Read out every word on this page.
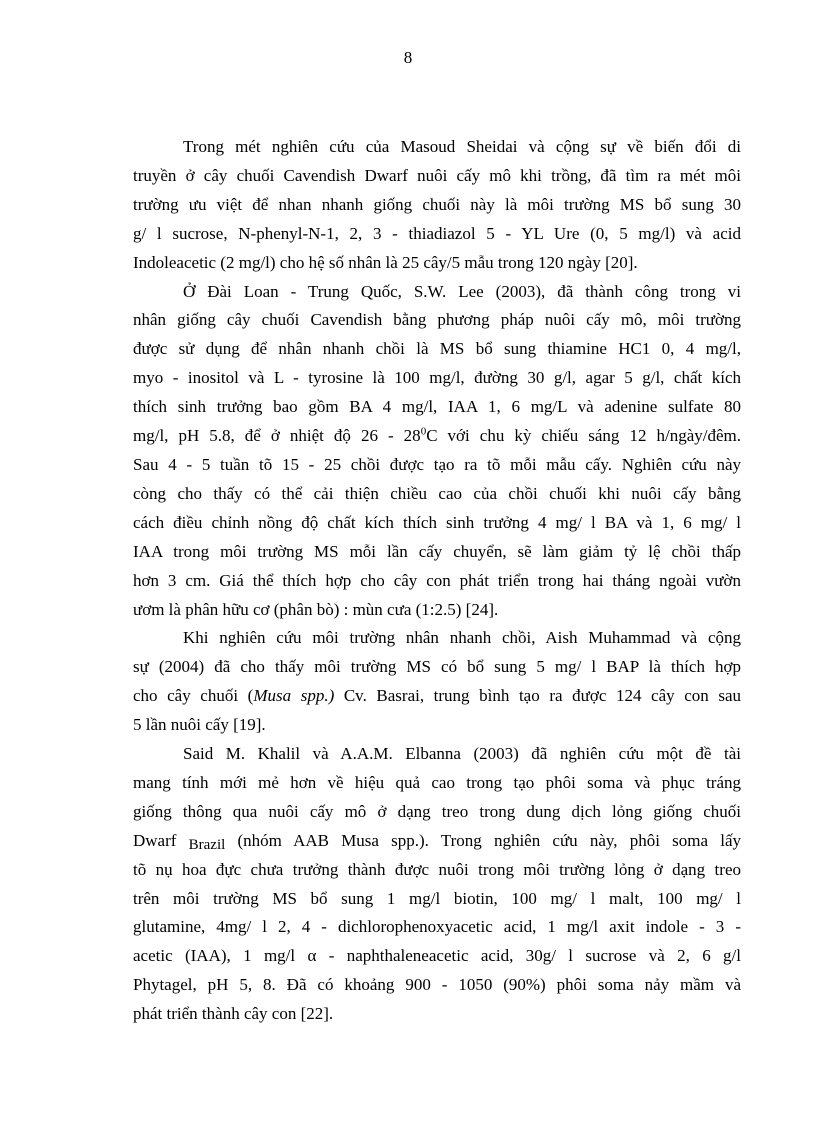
8

Trong mét nghiên cứu của Masoud Sheidai và cộng sự về biến đổi di
truyền ở cây chuối Cavendish Dwarf nuôi cấy mô khi trồng, đã tìm ra mét môi
trường ưu việt để nhan nhanh giống chuối này là môi trường MS bổ sung 30
g/ l sucrose, N-phenyl-N-1, 2, 3 - thiadiazol 5 - YL Ure (0, 5 mg/l) và acid
Indoleacetic (2 mg/l) cho hệ số nhân là 25 cây/5 mẫu trong 120 ngày [20].

Ở Đài Loan - Trung Quốc, S.W. Lee (2003), đã thành công trong vi
nhân giống cây chuối Cavendish bằng phương pháp nuôi cấy mô, môi trường
được sử dụng để nhân nhanh chồi là MS bổ sung thiamine HC1 0, 4 mg/l,
myo - inositol và L - tyrosine là 100 mg/l, đường 30 g/l, agar 5 g/l, chất kích
thích sinh trưởng bao gồm BA 4 mg/l, IAA 1, 6 mg/L và adenine sulfate 80
mg/l, pH 5.8, để ở nhiệt độ $26 - 28^0C$ với chu kỳ chiếu sáng 12 h/ngày/đêm.
Sau 4 - 5 tuần tõ 15 - 25 chồi được tạo ra tõ mỗi mẫu cấy. Nghiên cứu này
còng cho thấy có thể cải thiện chiều cao của chồi chuối khi nuôi cấy bằng
cách điều chỉnh nồng độ chất kích thích sinh trưởng 4 mg/ l BA và 1, 6 mg/ l
IAA trong môi trường MS mỗi lần cấy chuyển, sẽ làm giảm tỷ lệ chồi thấp
hơn 3 cm. Giá thể thích hợp cho cây con phát triển trong hai tháng ngoài vườn
ươm là phân hữu cơ (phân bò) : mùn cưa (1:2.5) [24].

Khi nghiên cứu môi trường nhân nhanh chồi, Aish Muhammad và cộng
sự (2004) đã cho thấy môi trường MS có bổ sung 5 mg/ l BAP là thích hợp
cho cây chuối (Musa spp.) Cv. Basrai, trung bình tạo ra được 124 cây con sau
5 lần nuôi cấy [19].

Said M. Khalil và A.A.M. Elbanna (2003) đã nghiên cứu một đề tài
mang tính mới mẻ hơn về hiệu quả cao trong tạo phôi soma và phục tráng
giống thông qua nuôi cấy mô ở dạng treo trong dung dịch lỏng giống chuối
Dwarf $_{Brazil}$ (nhóm AAB Musa spp.). Trong nghiên cứu này, phôi soma lấy
tõ nụ hoa đực chưa trưởng thành được nuôi trong môi trường lỏng ở dạng treo
trên môi trường MS bổ sung 1 mg/l biotin, 100 mg/ l malt, 100 mg/ l
glutamine, 4mg/ l 2, 4 - dichlorophenoxyacetic acid, 1 mg/l axit indole - 3 -
acetic (IAA), 1 mg/l α - naphthaleneacetic acid, 30g/ l sucrose và 2, 6 g/l
Phytagel, pH 5, 8. Đã có khoảng 900 - 1050 (90%) phôi soma nảy mầm và
phát triển thành cây con [22].
